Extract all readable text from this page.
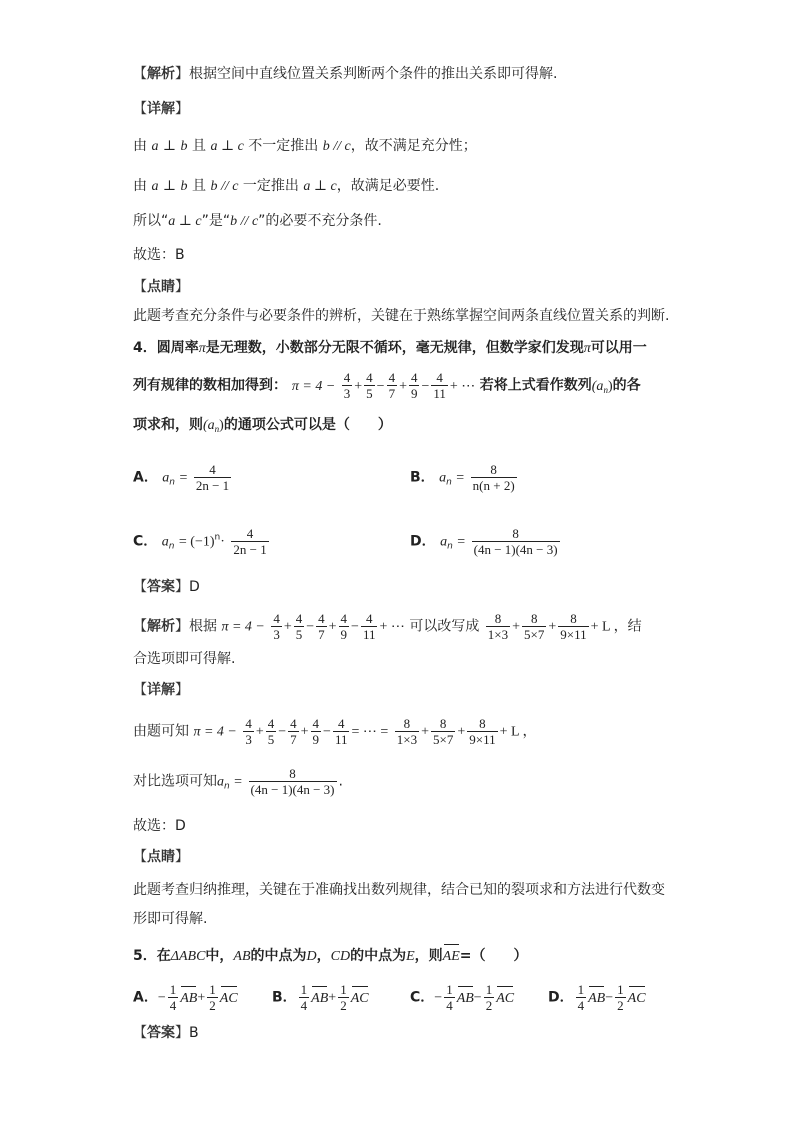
【解析】根据空间中直线位置关系判断两个条件的推出关系即可得解.
【详解】
由 a ⊥ b 且 a ⊥ c 不一定推出 b // c，故不满足充分性；
由 a ⊥ b 且 b // c 一定推出 a ⊥ c，故满足必要性.
所以“a ⊥ c”是“b // c”的必要不充分条件.
故选：B
【点睛】
此题考查充分条件与必要条件的辨析，关键在于熟练掌握空间两条直线位置关系的判断.
4．圆周率π是无理数，小数部分无限不循环，毫无规律，但数学家们发现π可以用一
列有规律的数相加得到： $\pi = 4 - \frac{4}{3} + \frac{4}{5} - \frac{4}{7} + \frac{4}{9} - \frac{4}{11}$ + ⋯ 若将上式看作数列$(a_n)$的各
项求和，则$(a_n)$的通项公式可以是（　　）
A． $a_n = \frac{4}{2n - 1}$	B． $a_n = \frac{8}{n(n + 2)}$
C． $a_n = (-1)^n\cdot \frac{4}{2n - 1}$	D． $a_n = \frac{8}{(4n - 1)(4n - 3)}$
【答案】D
【解析】根据 $\pi = 4 - \frac{4}{3} + \frac{4}{5} - \frac{4}{7} + \frac{4}{9} - \frac{4}{11}$ + ⋯ 可以改写成 $\frac{8}{1\times 3} + \frac{8}{5\times 7} + \frac{8}{9\times 11} + L$ ，结
合选项即可得解.
【详解】
由题可知 $\pi = 4 - \frac{4}{3} + \frac{4}{5} - \frac{4}{7} + \frac{4}{9} - \frac{4}{11}$ = ⋯ = $\frac{8}{1\times 3} + \frac{8}{5\times 7} + \frac{8}{9\times 11} + L$ ，
对比选项可知$a_n = \frac{8}{(4n - 1)(4n - 3)}$ .
故选：D
【点睛】
此题考查归纳推理，关键在于准确找出数列规律，结合已知的裂项求和方法进行代数变
形即可得解.
5．在ΔABC中，AB的中点为D，CD的中点为E，则AE=（　　）
A．− $\frac{1}{4} AB+ \frac{1}{2}$ AC B． $\frac{1}{4} AB+ \frac{1}{2}$ AC	C．− $\frac{1}{4} AB- \frac{1}{2}$ AC D． $\frac{1}{4} AB- \frac{1}{2}$ AC
【答案】B
